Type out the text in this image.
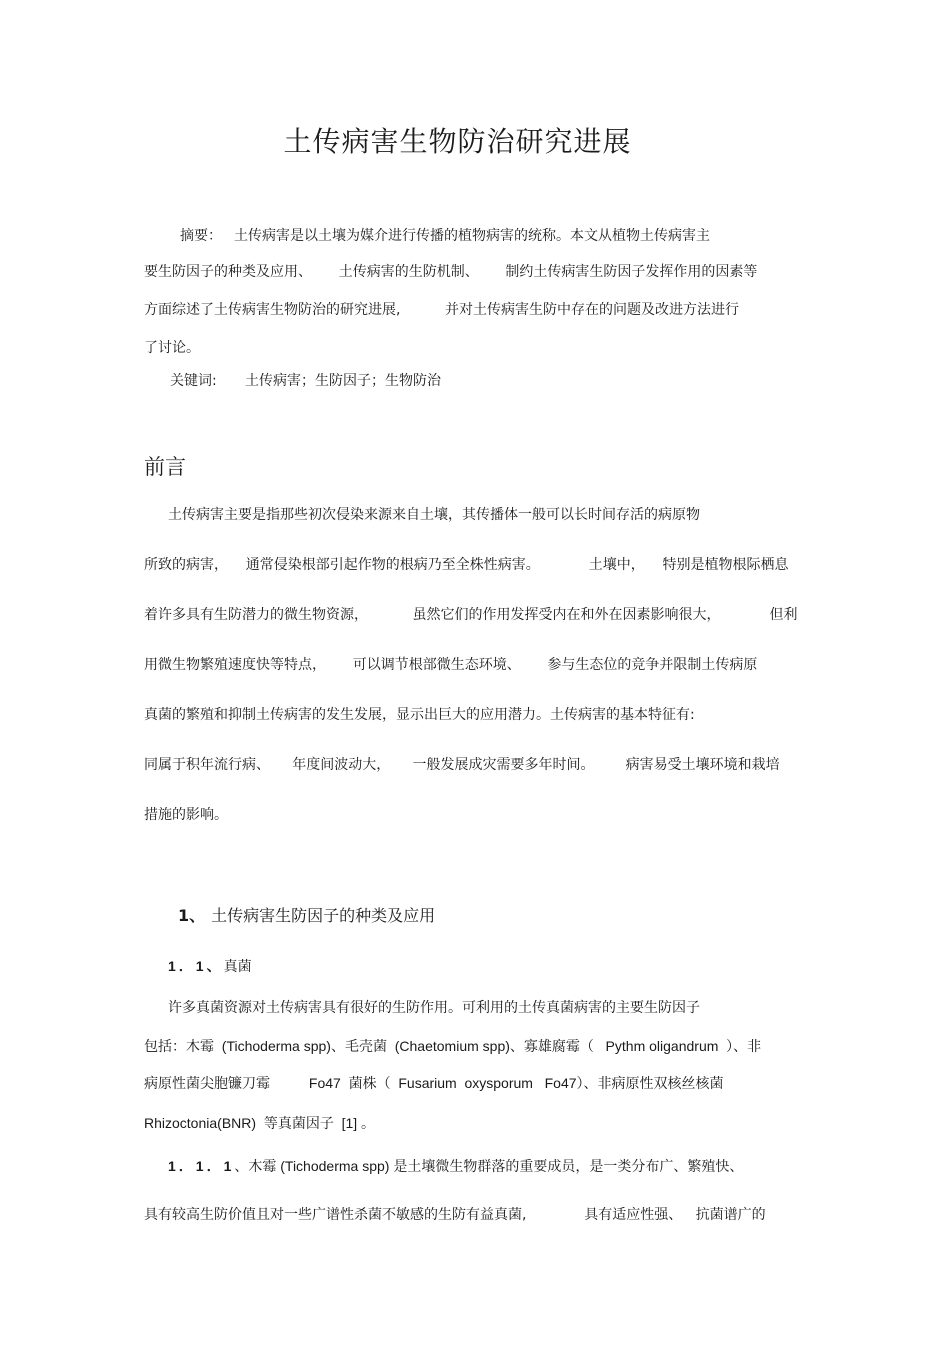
土传病害生物防治研究进展
摘要： 土传病害是以土壤为媒介进行传播的植物病害的统称。本文从植物土传病害主
要生防因子的种类及应用、      土传病害的生防机制、      制约土传病害生防因子发挥作用的因素等
方面综述了土传病害生物防治的研究进展,          并对土传病害生防中存在的问题及改进方法进行
了讨论。
关键词: 土传病害；生防因子；生物防治
前言
土传病害主要是指那些初次侵染来源来自土壤，其传播体一般可以长时间存活的病原物
所致的病害，    通常侵染根部引起作物的根病乃至全株性病害。           土壤中，    特别是植物根际栖息
着许多具有生防潜力的微生物资源，          虽然它们的作用发挥受内在和外在因素影响很大，           但利
用微生物繁殖速度快等特点，      可以调节根部微生态环境、      参与生态位的竞争并限制土传病原
真菌的繁殖和抑制土传病害的发生发展，显示出巨大的应用潜力。土传病害的基本特征有:
同属于积年流行病、     年度间波动大，     一般发展成灾需要多年时间。       病害易受土壤环境和栽培
措施的影响。
1、 土传病害生防因子的种类及应用
1．1、真菌
许多真菌资源对土传病害具有很好的生防作用。可利用的土传真菌病害的主要生防因子
包括：木霉  (Tichoderma spp)、毛壳菌  (Chaetomium spp)、寡雄腐霉（   Pythm oligandrum  ）、非
病原性菌尖胞镰刀霉          Fo47  菌株（  Fusarium  oxysporum   Fo47）、非病原性双核丝核菌
Rhizoctonia(BNR)  等真菌因子  [1] 。
1．1．1、木霉 (Tichoderma spp) 是土壤微生物群落的重要成员，是一类分布广、繁殖快、
具有较高生防价值且对一些广谱性杀菌不敏感的生防有益真菌,             具有适应性强、   抗菌谱广的
